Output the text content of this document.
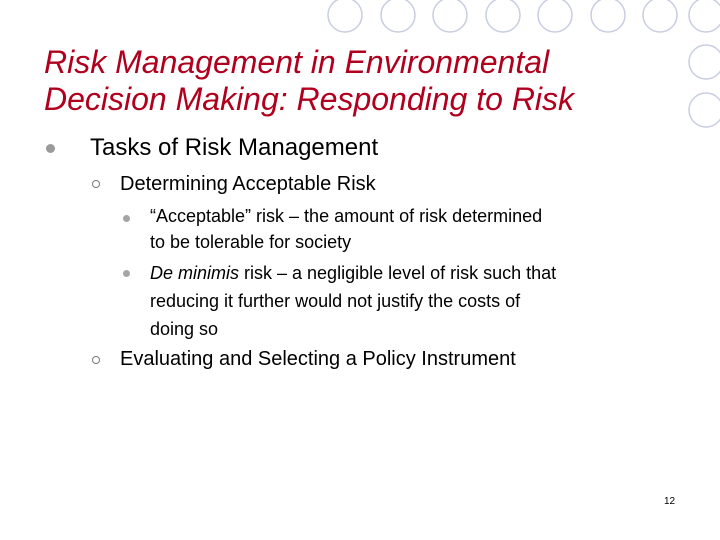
Risk Management in Environmental
Decision Making: Responding to Risk
Tasks of Risk Management
Determining Acceptable Risk
“Acceptable” risk – the amount of risk determined
to be tolerable for society
De minimis risk – a negligible level of risk such that
reducing it further would not justify the costs of
doing so
Evaluating and Selecting a Policy Instrument
12
